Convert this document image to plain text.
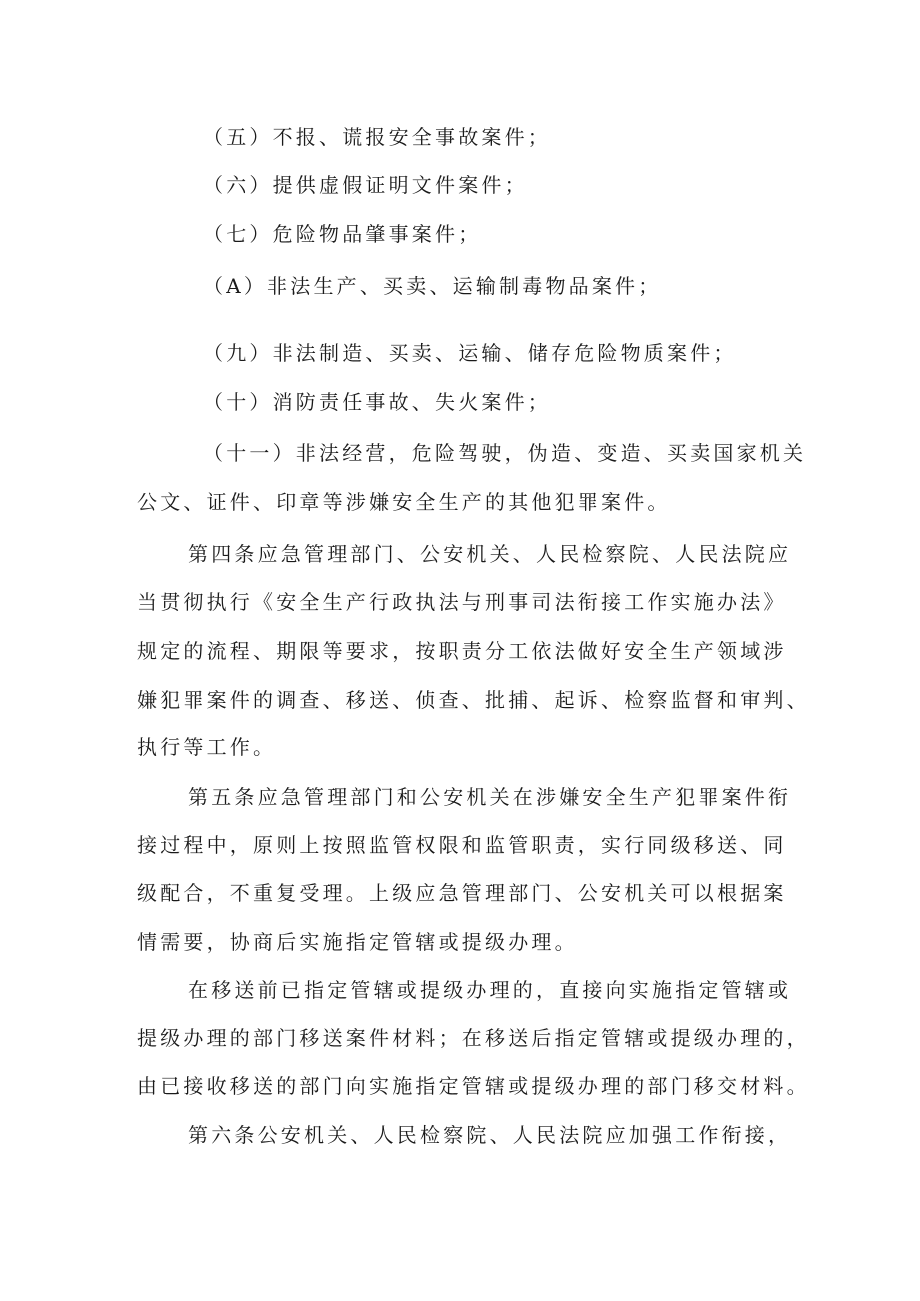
（五）不报、谎报安全事故案件；
（六）提供虚假证明文件案件；
（七）危险物品肇事案件；
（A）非法生产、买卖、运输制毒物品案件；
（九）非法制造、买卖、运输、储存危险物质案件；
（十）消防责任事故、失火案件；
（十一）非法经营，危险驾驶，伪造、变造、买卖国家机关
公文、证件、印章等涉嫌安全生产的其他犯罪案件。
第四条应急管理部门、公安机关、人民检察院、人民法院应
当贯彻执行《安全生产行政执法与刑事司法衔接工作实施办法》
规定的流程、期限等要求，按职责分工依法做好安全生产领域涉
嫌犯罪案件的调查、移送、侦查、批捕、起诉、检察监督和审判、
执行等工作。
第五条应急管理部门和公安机关在涉嫌安全生产犯罪案件衔
接过程中，原则上按照监管权限和监管职责，实行同级移送、同
级配合，不重复受理。上级应急管理部门、公安机关可以根据案
情需要，协商后实施指定管辖或提级办理。
在移送前已指定管辖或提级办理的，直接向实施指定管辖或
提级办理的部门移送案件材料；在移送后指定管辖或提级办理的，
由已接收移送的部门向实施指定管辖或提级办理的部门移交材料。
第六条公安机关、人民检察院、人民法院应加强工作衔接，
